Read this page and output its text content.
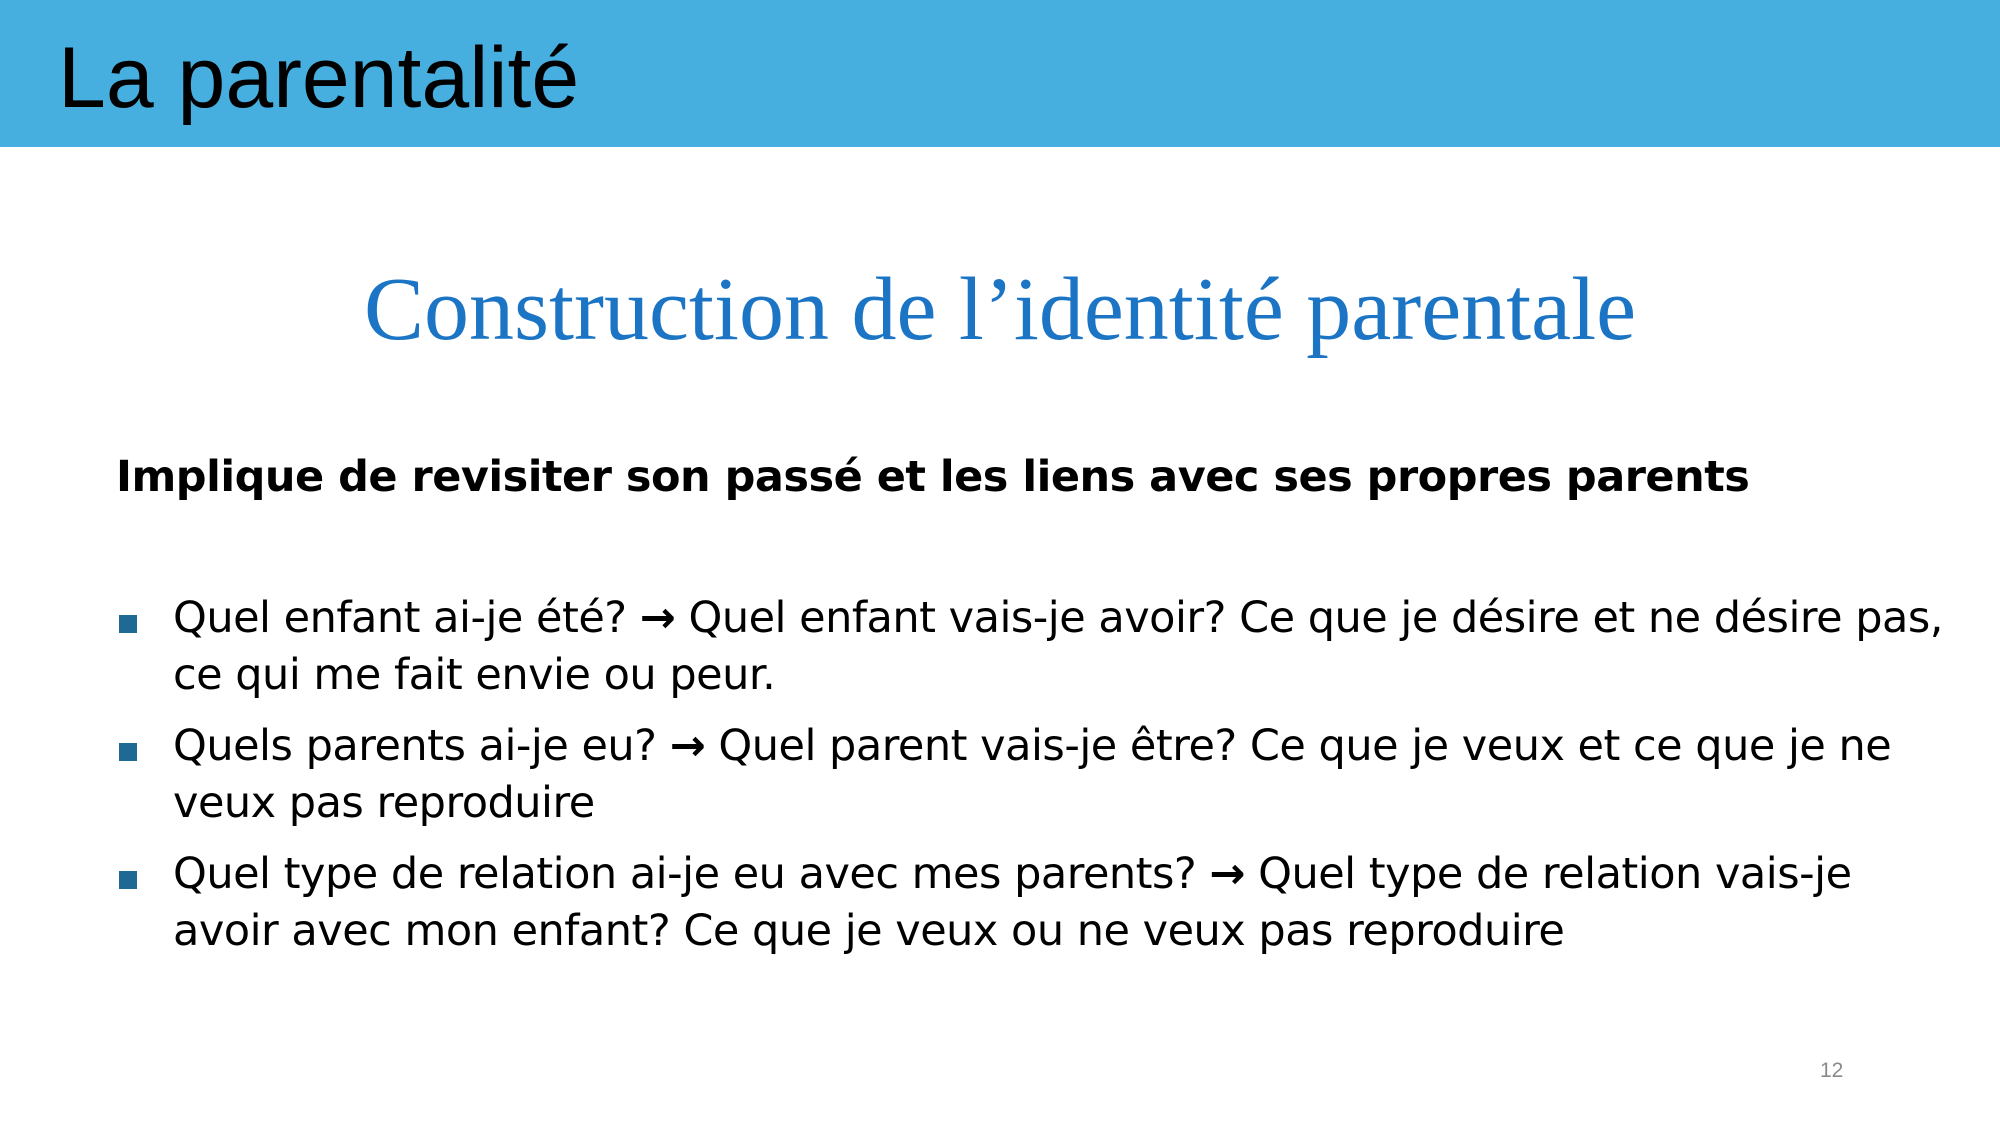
La parentalité
Construction de l’identité parentale
Implique de revisiter son passé et les liens avec ses propres parents
Quel enfant ai-je été? → Quel enfant vais-je avoir? Ce que je désire et ne désire pas, ce qui me fait envie ou peur.
Quels parents ai-je eu? → Quel parent vais-je être? Ce que je veux et ce que je ne veux pas reproduire
Quel type de relation ai-je eu avec mes parents? → Quel type de relation vais-je avoir avec mon enfant? Ce que je veux ou ne veux pas reproduire
12
